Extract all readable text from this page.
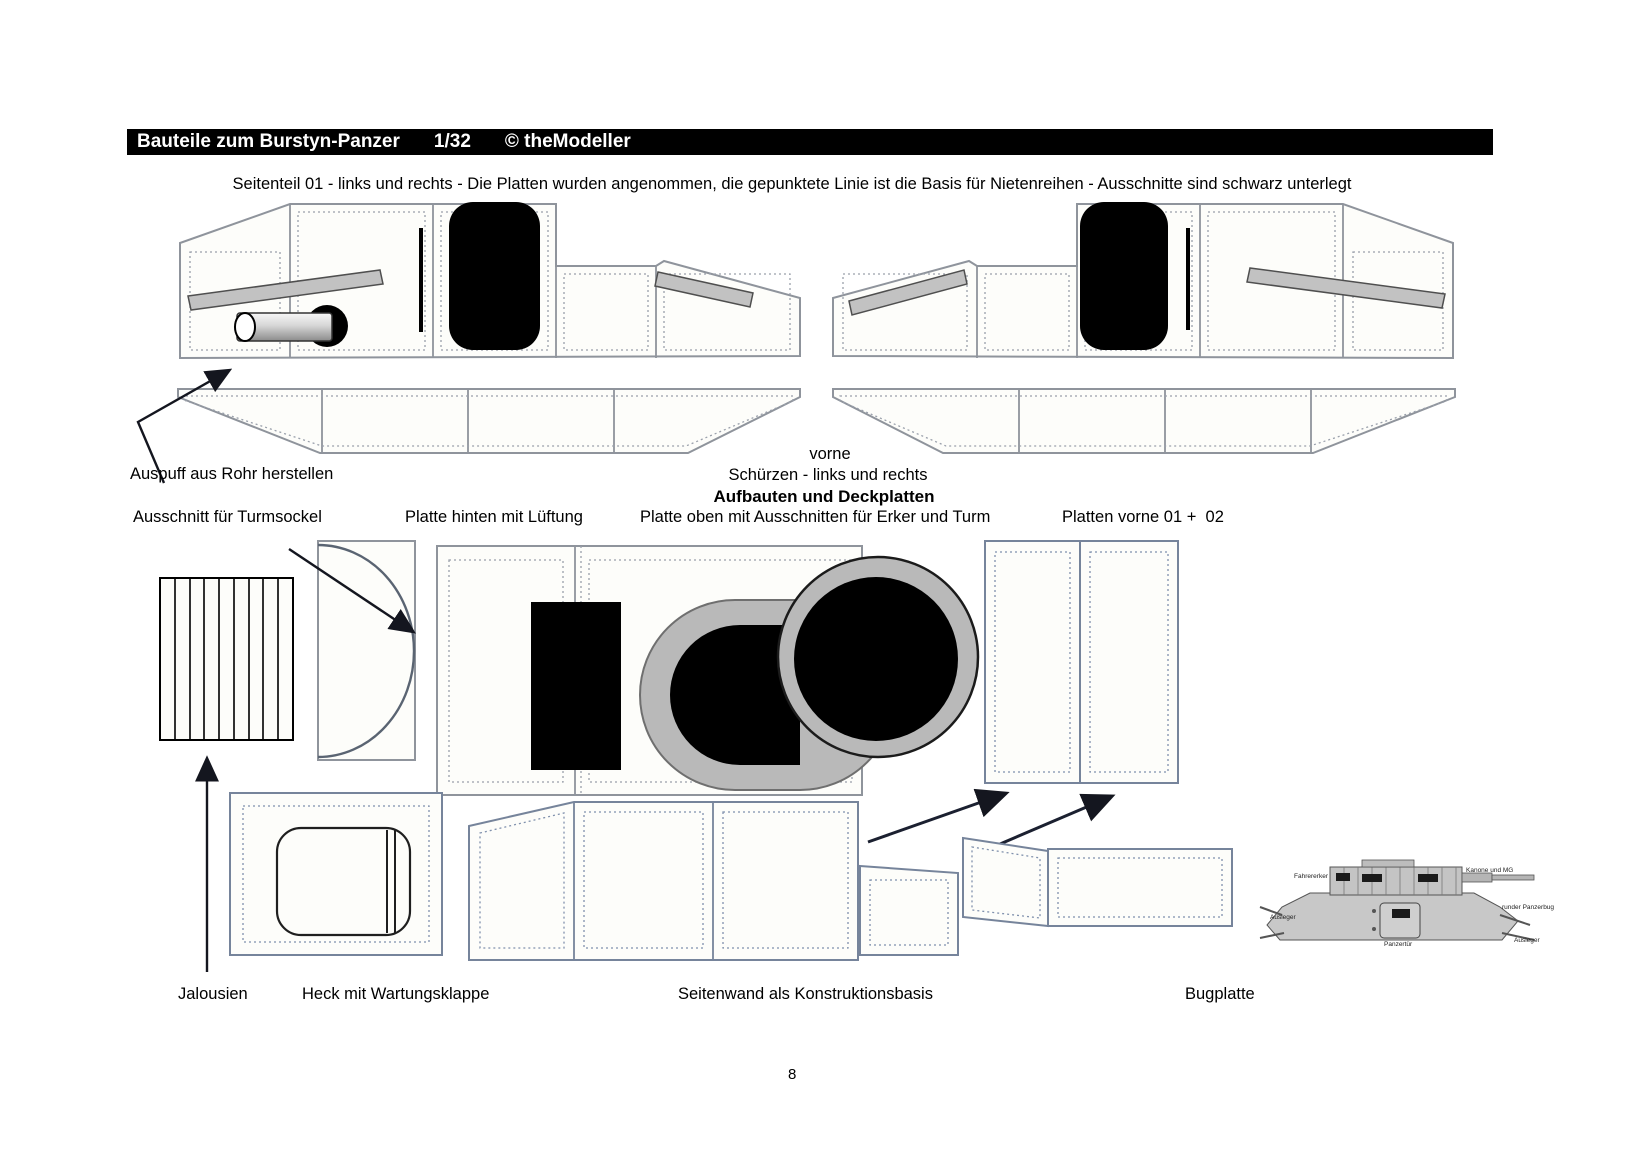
Fahrererker
Kanone und MG
runder Panzerbug
Ausleger
Ausleger
Panzertür
Bauteile zum Burstyn-Panzer 1/32 © theModeller
Seitenteil 01 - links und rechts - Die Platten wurden angenommen, die gepunktete Linie ist die Basis für Nietenreihen - Ausschnitte sind schwarz unterlegt
Auspuff aus Rohr herstellen
vorne
Schürzen - links und rechts
Aufbauten und Deckplatten
Ausschnitt für Turmsockel	Platte hinten mit Lüftung	Platte oben mit Ausschnitten für Erker und Turm	Platten vorne 01 +  02
Jalousien	Heck mit Wartungsklappe	Seitenwand als Konstruktionsbasis	Bugplatte
8
